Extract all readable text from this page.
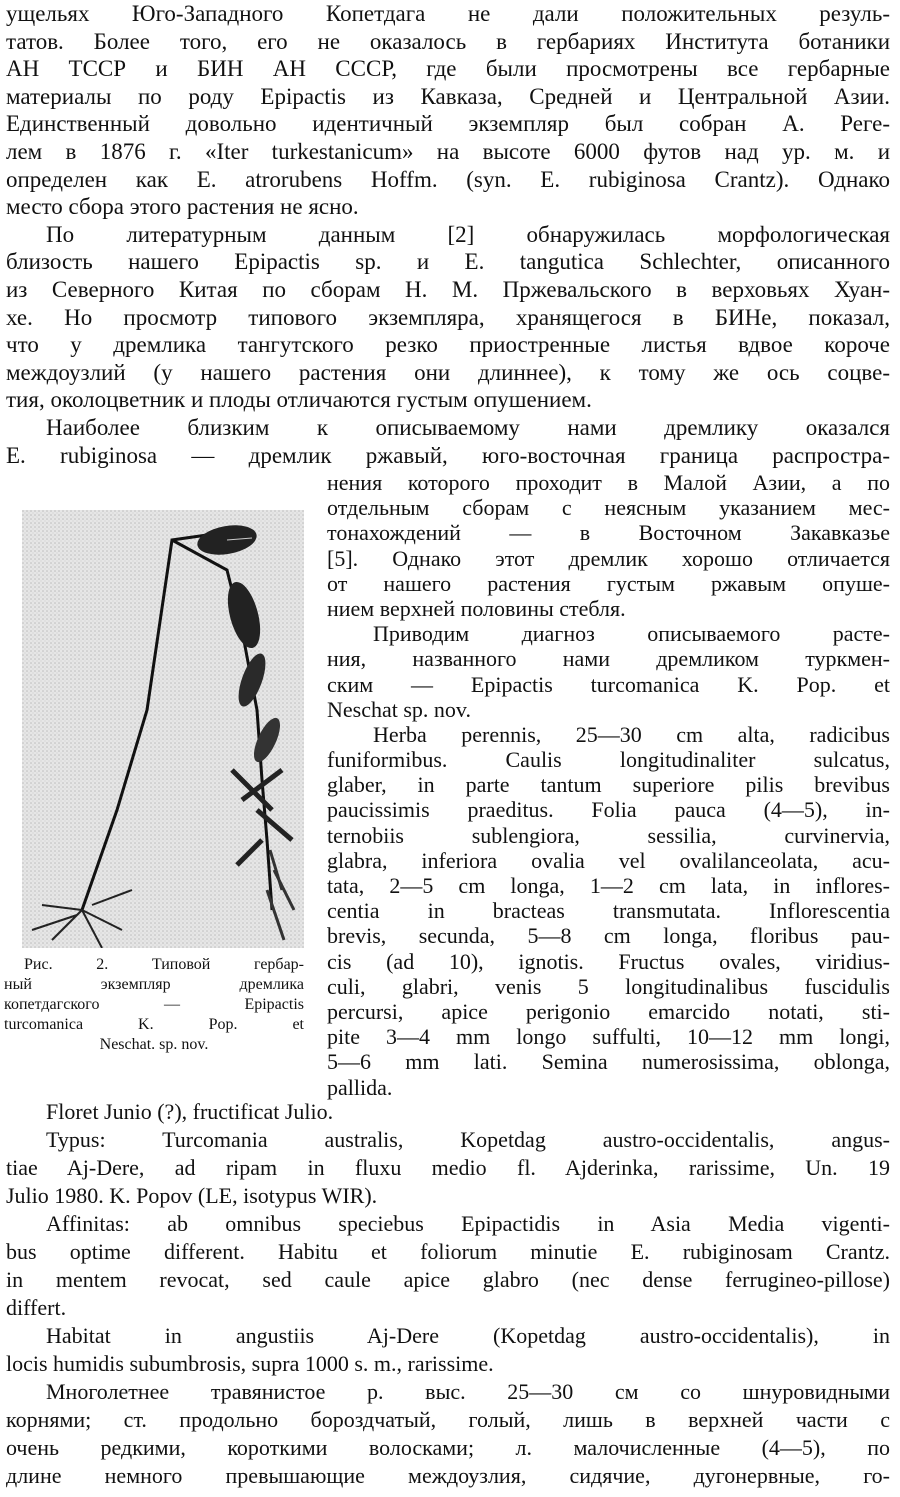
ущельях Юго-Западного Копетдага не дали положительных резуль-
татов. Более того, его не оказалось в гербариях Института ботаники
АН ТССР и БИН АН СССР, где были просмотрены все гербарные
материалы по роду Epipactis из Кавказа, Средней и Центральной Азии.
Единственный довольно идентичный экземпляр был собран А. Реге-
лем в 1876 г. «Iter turkestanicum» на высоте 6000 футов над ур. м. и
определен как E. atrorubens Hoffm. (syn. E. rubiginosa Crantz). Однако
место сбора этого растения не ясно.
По литературным данным [2] обнаружилась морфологическая
близость нашего Epipactis sp. и E. tangutica Schlechter, описанного
из Северного Китая по сборам Н. М. Пржевальского в верховьях Хуан-
хе. Но просмотр типового экземпляра, хранящегося в БИНе, показал,
что у дремлика тангутского резко приостренные листья вдвое короче
междоузлий (у нашего растения они длиннее), к тому же ось соцве-
тия, околоцветник и плоды отличаются густым опушением.
Наиболее близким к описываемому нами дремлику оказался
E. rubiginosa — дремлик ржавый, юго-восточная граница распростра-
Рис. 2. Типовой гербар-
ный экземпляр дремлика
копетдагского — Epipactis
turcomanica K. Pop. et
Neschat. sp. nov.
нения которого проходит в Малой Азии, а по
отдельным сборам с неясным указанием мес-
тонахождений — в Восточном Закавказье
[5]. Однако этот дремлик хорошо отличается
от нашего растения густым ржавым опуше-
нием верхней половины стебля.
Приводим диагноз описываемого расте-
ния, названного нами дремликом туркмен-
ским — Epipactis turcomanica K. Pop. et
Neschat sp. nov.
Herba perennis, 25—30 cm alta, radicibus
funiformibus. Caulis longitudinaliter sulcatus,
glaber, in parte tantum superiore pilis brevibus
paucissimis praeditus. Folia pauca (4—5), in-
ternobiis sublengiora, sessilia, curvinervia,
glabra, inferiora ovalia vel ovalilanceolata, acu-
tata, 2—5 cm longa, 1—2 cm lata, in inflores-
centia in bracteas transmutata. Inflorescentia
brevis, secunda, 5—8 cm longa, floribus pau-
cis (ad 10), ignotis. Fructus ovales, viridius-
culi, glabri, venis 5 longitudinalibus fuscidulis
percursi, apice perigonio emarcido notati, sti-
pite 3—4 mm longo suffulti, 10—12 mm longi,
5—6 mm lati. Semina numerosissima, oblonga,
pallida.
Floret Junio (?), fructificat Julio.
Typus: Turcomania australis, Kopetdag austro-occidentalis, angus-
tiae Aj-Dere, ad ripam in fluxu medio fl. Ajderinka, rarissime, Un. 19
Julio 1980. K. Popov (LE, isotypus WIR).
Affinitas: ab omnibus speciebus Epipactidis in Asia Media vigenti-
bus optime different. Habitu et foliorum minutie E. rubiginosam Crantz.
in mentem revocat, sed caule apice glabro (nec dense ferrugineo-pillose)
differt.
Habitat in angustiis Aj-Dere (Kopetdag austro-occidentalis), in
locis humidis subumbrosis, supra 1000 s. m., rarissime.
Многолетнее травянистое р. выс. 25—30 см со шнуровидными
корнями; ст. продольно бороздчатый, голый, лишь в верхней части с
очень редкими, короткими волосками; л. малочисленные (4—5), по
длине немного превышающие междоузлия, сидячие, дугонервные, го-
